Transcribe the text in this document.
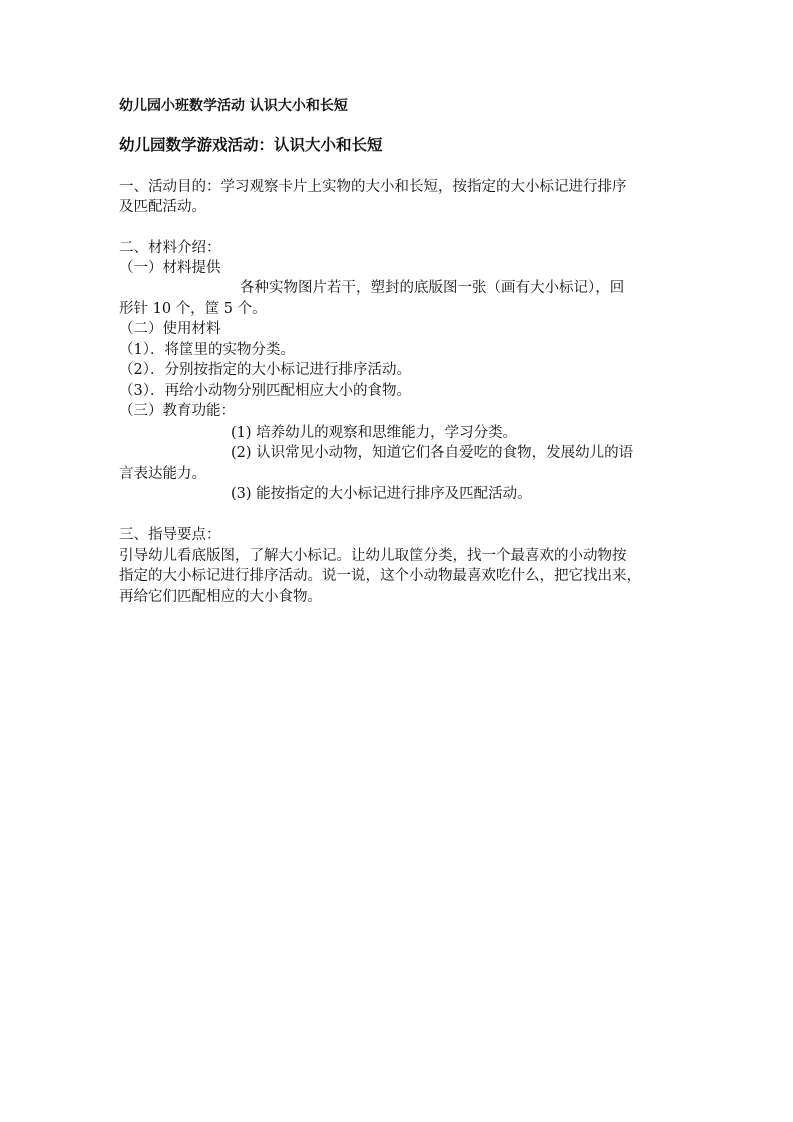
幼儿园小班数学活动 认识大小和长短
幼儿园数学游戏活动：认识大小和长短
一、活动目的：学习观察卡片上实物的大小和长短，按指定的大小标记进行排序
及匹配活动。
二、材料介绍：
（一）材料提供
各种实物图片若干，塑封的底版图一张（画有大小标记），回
形针 10 个，筐 5 个。
（二）使用材料
（1）．将筐里的实物分类。
（2）．分别按指定的大小标记进行排序活动。
（3）．再给小动物分别匹配相应大小的食物。
（三）教育功能：
(1) 培养幼儿的观察和思维能力，学习分类。
(2) 认识常见小动物，知道它们各自爱吃的食物，发展幼儿的语
言表达能力。
(3) 能按指定的大小标记进行排序及匹配活动。
三、指导要点：
引导幼儿看底版图，了解大小标记。让幼儿取筐分类，找一个最喜欢的小动物按
指定的大小标记进行排序活动。说一说，这个小动物最喜欢吃什么，把它找出来，
再给它们匹配相应的大小食物。
